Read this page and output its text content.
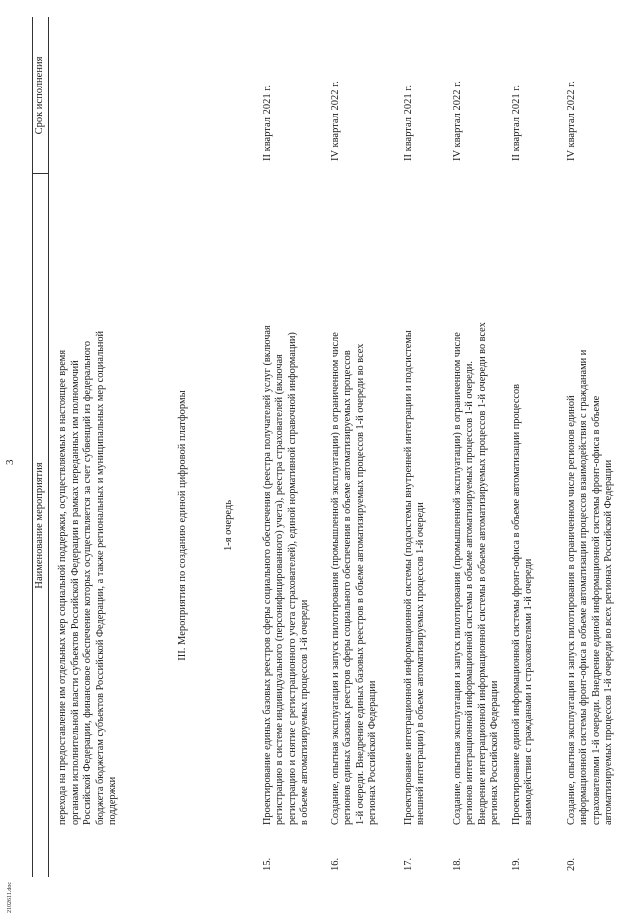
3
Наименование мероприятия
Срок исполнения
перехода на предоставление им отдельных мер социальной поддержки, осуществляемых в настоящее время органами исполнительной власти субъектов Российской Федерации в рамках переданных им полномочий Российской Федерации, финансовое обеспечение которых осуществляется за счет субвенций из федерального бюджета бюджетам субъектов Российской Федерации, а также региональных и муниципальных мер социальной поддержки
III. Мероприятия по созданию единой цифровой платформы	1-я очередь
15.
Проектирование единых базовых реестров сферы социального обеспечения (реестра получателей услуг (включая регистрацию в системе индивидуального (персонифицированного) учета), реестра страхователей (включая регистрацию и снятие с регистрационного учета страхователей), единой нормативной справочной информации) в объеме автоматизируемых процессов 1-й очереди
II квартал 2021 г.
16.
Создание, опытная эксплуатация и запуск пилотирования (промышленной эксплуатации) в ограниченном числе регионов единых базовых реестров сферы социального обеспечения в объеме автоматизируемых процессов 1-й очереди. Внедрение единых базовых реестров в объеме автоматизируемых процессов 1-й очереди во всех регионах Российской Федерации
IV квартал 2022 г.
17.
Проектирование интеграционной информационной системы (подсистемы внутренней интеграции и подсистемы внешней интеграции) в объеме автоматизируемых процессов 1-й очереди
II квартал 2021 г.
18.
Создание, опытная эксплуатация и запуск пилотирования (промышленной эксплуатации) в ограниченном числе регионов интеграционной информационной системы в объеме автоматизируемых процессов 1-й очереди. Внедрение интеграционной информационной системы в объеме автоматизируемых процессов 1-й очереди во всех регионах Российской Федерации
IV квартал 2022 г.
19.
Проектирование единой информационной системы фронт-офиса в объеме автоматизации процессов взаимодействия с гражданами и страхователями 1-й очереди
II квартал 2021 г.
20.
Создание, опытная эксплуатация и запуск пилотирования в ограниченном числе регионов единой информационной системы фронт-офиса в объеме автоматизации процессов взаимодействия с гражданами и страхователями 1-й очереди. Внедрение единой информационной системы фронт-офиса в объеме автоматизируемых процессов 1-й очереди во всех регионах Российской Федерации
IV квартал 2022 г.
2102611.doc
